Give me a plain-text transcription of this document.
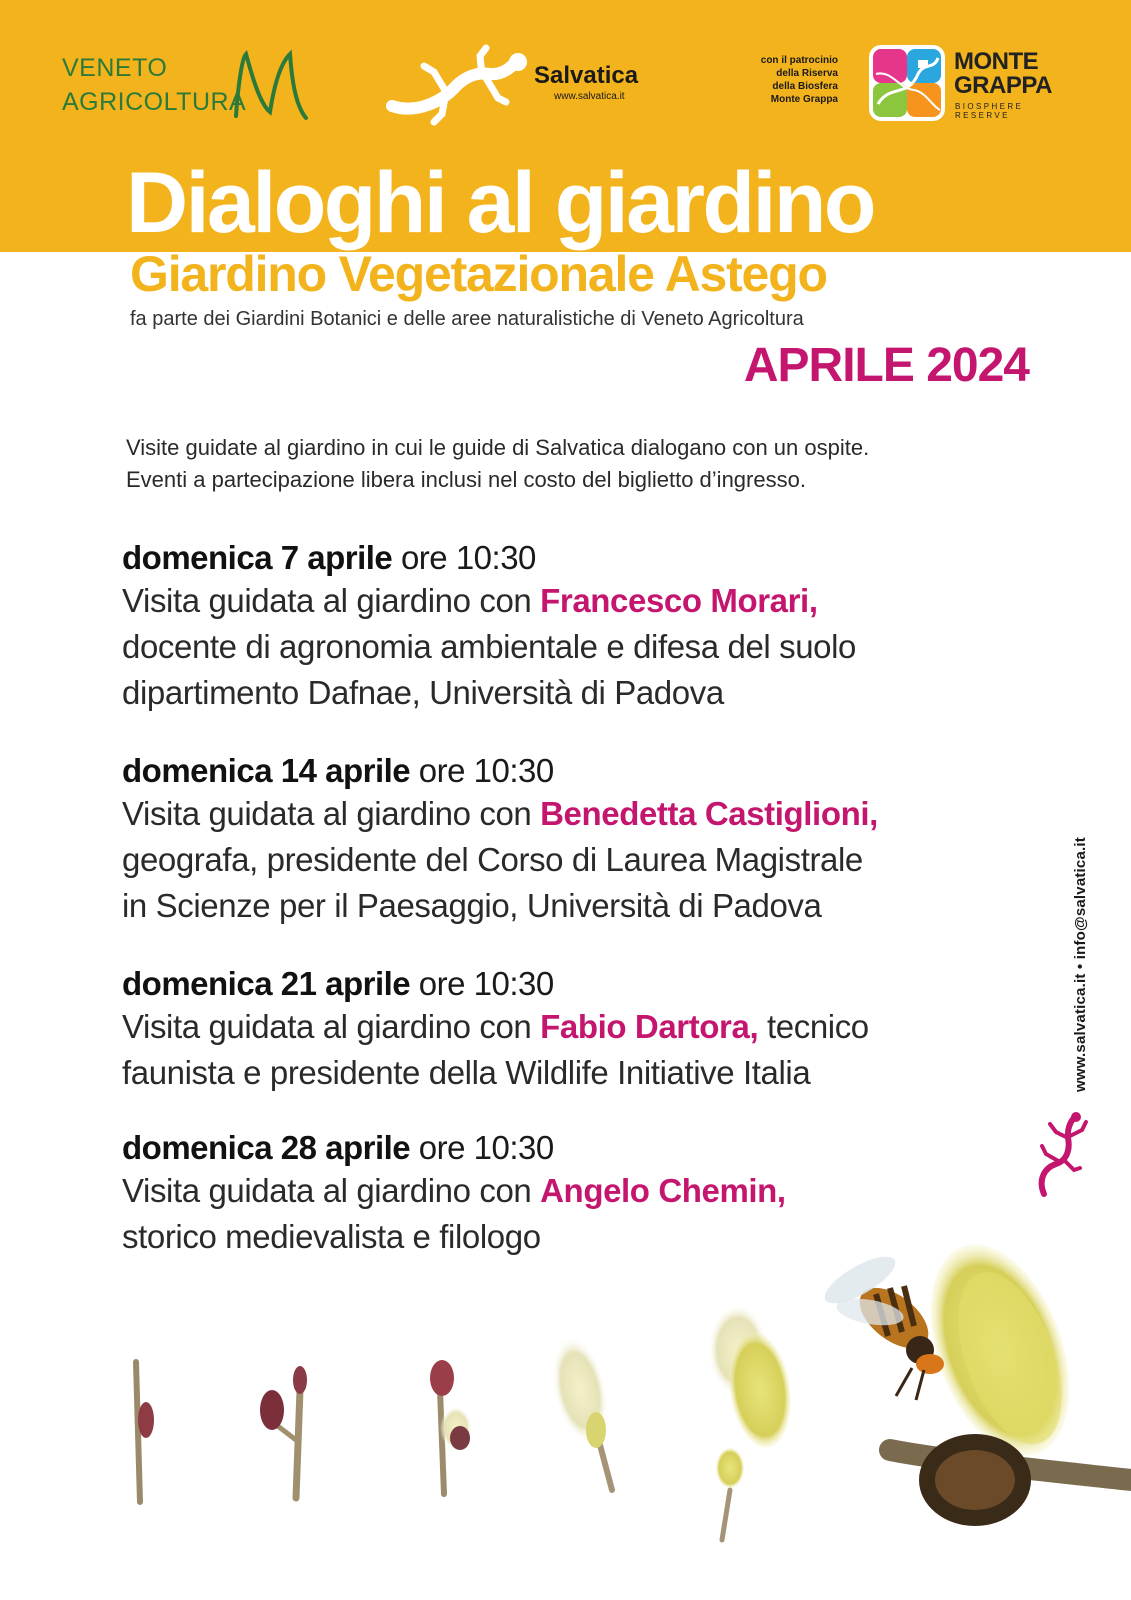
VENETO
AGRICOLTURA
Salvatica
www.salvatica.it
con il patrocinio
della Riserva
della Biosfera
Monte Grappa
MONTE
GRAPPA
BIOSPHERE RESERVE
Dialoghi al giardino
Giardino Vegetazionale Astego
fa parte dei Giardini Botanici e delle aree naturalistiche di Veneto Agricoltura
APRILE 2024
Visite guidate al giardino in cui le guide di Salvatica dialogano con un ospite.
Eventi a partecipazione libera inclusi nel costo del biglietto d’ingresso.
domenica 7 aprile ore 10:30
Visita guidata al giardino con Francesco Morari,
docente di agronomia ambientale e difesa del suolo
dipartimento Dafnae, Università di Padova
domenica 14 aprile ore 10:30
Visita guidata al giardino con Benedetta Castiglioni,
geografa, presidente del Corso di Laurea Magistrale
in Scienze per il Paesaggio, Università di Padova
domenica 21 aprile ore 10:30
Visita guidata al giardino con Fabio Dartora, tecnico
faunista e presidente della Wildlife Initiative Italia
domenica 28 aprile ore 10:30
Visita guidata al giardino con Angelo Chemin,
storico medievalista e filologo
www.salvatica.it • info@salvatica.it
